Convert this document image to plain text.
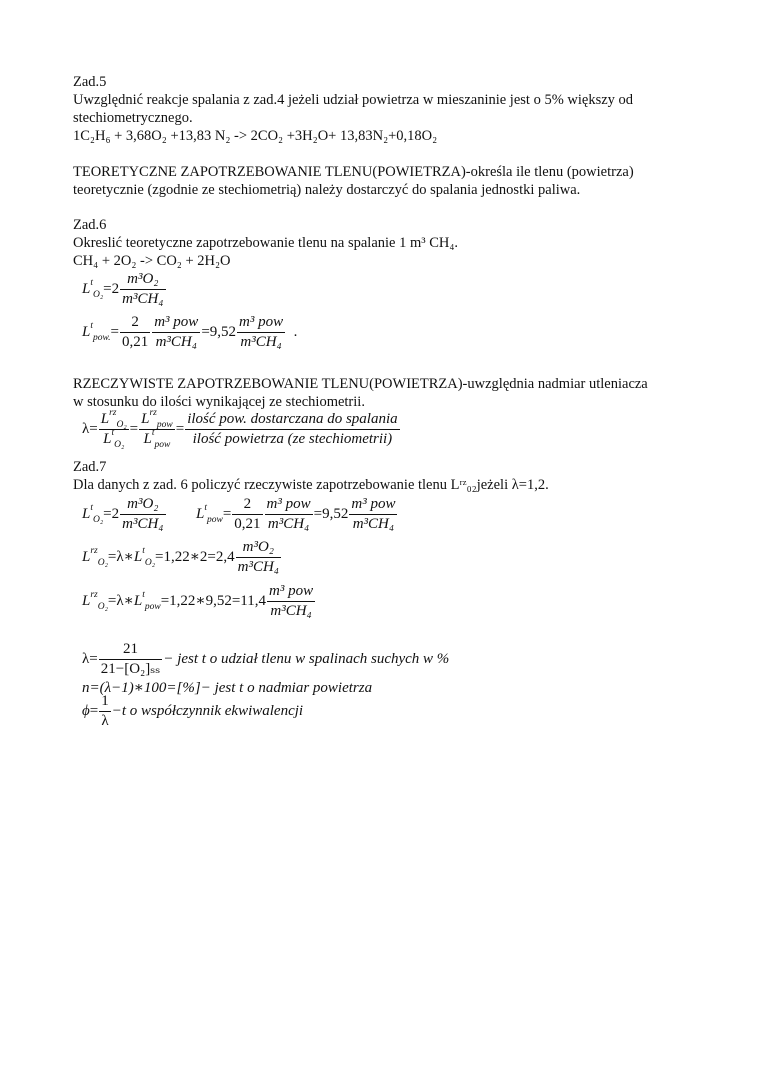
Zad.5

Uwzględnić reakcje spalania z zad.4 jeżeli udział powietrza w mieszaninie jest o 5% większy od

stechiometrycznego.

1C₂H₆ + 3,68O₂ +13,83 N₂ -> 2CO₂ +3H₂O+ 13,83N₂+0,18O₂

TEORETYCZNE ZAPOTRZEBOWANIE TLENU(POWIETRZA)-określa ile tlenu (powietrza)

teoretycznie (zgodnie ze stechiometrią) należy dostarczyć do spalania jednostki paliwa.

Zad.6

Okreslić teoretyczne zapotrzebowanie tlenu na spalanie 1 m³ CH₄.

CH₄ + 2O₂ -> CO₂ + 2H₂O

$L^t_{O_2}=2 \frac{\text{m³O₂}}{\text{m³CH₄}}$
$L^t_{pow.}= \frac{2}{0,21} m^3$ pow
m³CH₄
=9,52
m³ pow
m³CH₄
.

RZECZYWISTE ZAPOTRZEBOWANIE TLENU(POWIETRZA)-uwzględnia nadmiar utleniacza

w stosunku do ilości wynikającej ze stechiometrii.

λ=
$L^{rz}_{O_2}$
$L^t_{O_2}$
=
$L^{rz}_{pow}$
$L^t_{pow}$
=
ilość pow. dostarczana do spalania
ilość powietrza (ze stechiometrii)

Zad.7

Dla danych z zad. 6 policzyć rzeczywiste zapotrzebowanie tlenu Lʳᶻ₀₂jeżeli λ=1,2.

$L^t_{O_2}=2 \frac{\text{m³O₂}}{\text{m³CH₄}} L^t_{pow}= \frac{2}{0,21} m^3$ pow
m³CH₄
=9,52
m³ pow
m³CH₄
$L^{rz}_{O_2}=\lambda∗L^t_{O_2}=1,22∗2=2,4 \frac{\text{m³O₂}}{\text{m³CH₄}}$
$L^{rz}_{O_2}=\lambda∗L^t_{pow}=1,22∗9,52=11,4$
m³ pow
m³CH₄
$\lambda= \frac{21}{\text{21−[O₂]ₛₛ}}$ − jest t o udział tlenu w spalinach suchych w %
n=(λ−1)∗100=[%]− jest t o nadmiar powietrza
$\phi= \frac{1}{\lambda} -t$ o współczynnik ekwiwalencji
